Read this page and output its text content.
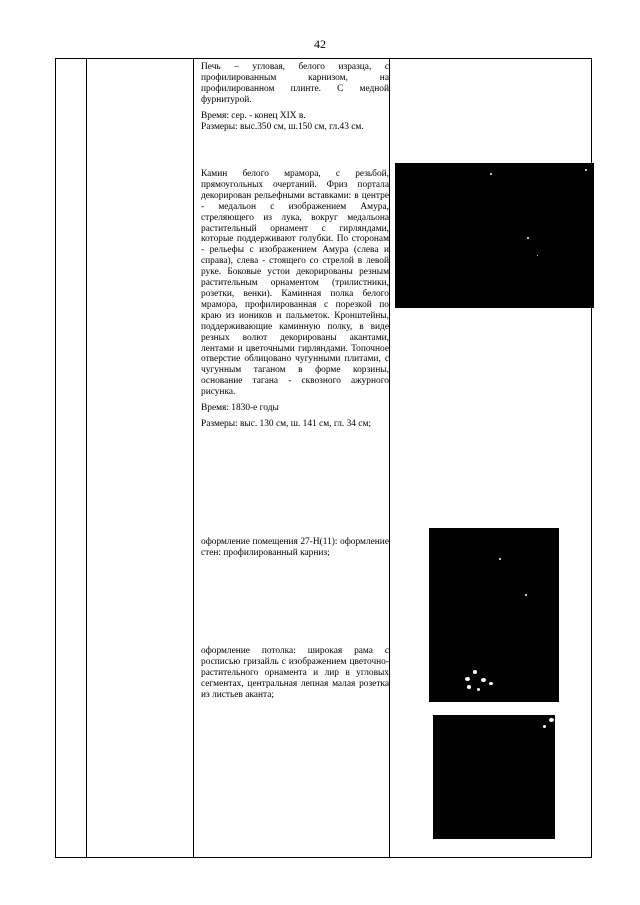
42

Печь – угловая, белого изразца, с профилированным карнизом, на профилированном плинте. С медной фурнитурой.

Время: сер. - конец XIX в.
Размеры: выс.350 см, ш.150 см, гл.43 см.

Камин белого мрамора, с резьбой, прямоугольных очертаний. Фриз портала декорирован рельефными вставками: в центре - медальон с изображением Амура, стреляющего из лука, вокруг медальона растительный орнамент с гирляндами, которые поддерживают голубки. По сторонам - рельефы с изображением Амура (слева и справа), слева - стоящего со стрелой в левой руке. Боковые устои декорированы резным растительным орнаментом (трилистники, розетки, венки). Каминная полка белого мрамора, профилированная с порезкой по краю из иоников и пальметок. Кронштейны, поддерживающие каминную полку, в виде резных волют декорированы акантами, лентами и цветочными гирляндами. Топочное отверстие облицовано чугунными плитами, с чугунным таганом в форме корзины, основание тагана - сквозного ажурного рисунка.

Время: 1830-е годы

Размеры: выс. 130 см, ш. 141 см, гл. 34 см;

оформление помещения 27-Н(11): оформление стен: профилированный карниз;

оформление потолка: широкая рама с росписью гризайль с изображением цветочно-растительного орнамента и лир в угловых сегментах, центральная лепная малая розетка из листьев аканта;
